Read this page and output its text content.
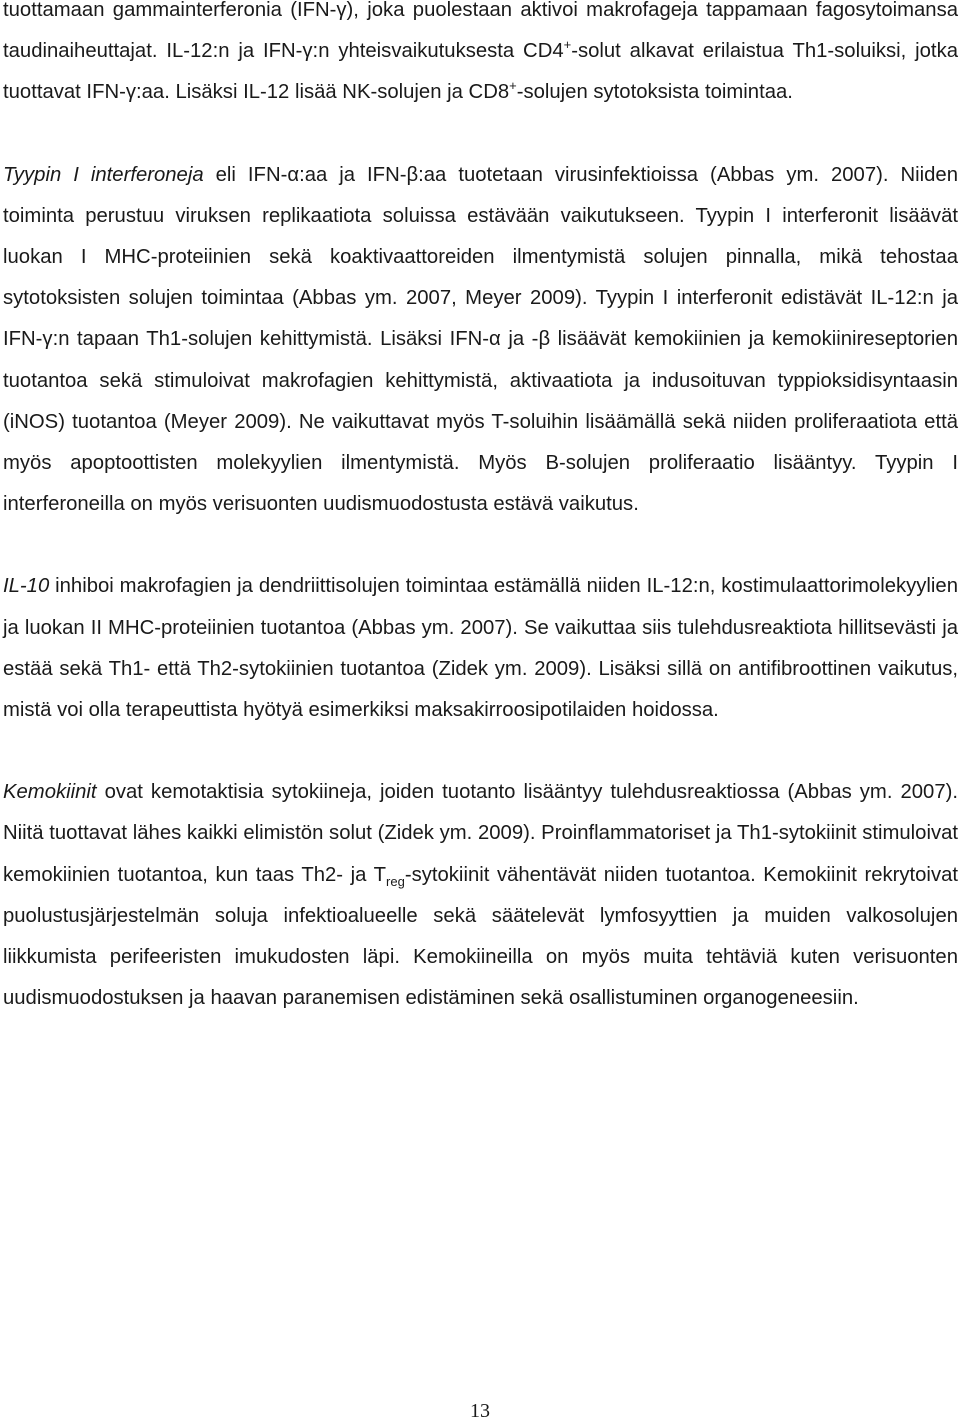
tuottamaan gammainterferonia (IFN-γ), joka puolestaan aktivoi makrofageja tappamaan fagosytoimansa taudinaiheuttajat. IL-12:n ja IFN-γ:n yhteisvaikutuksesta CD4+-solut alkavat erilaistua Th1-soluiksi, jotka tuottavat IFN-γ:aa. Lisäksi IL-12 lisää NK-solujen ja CD8+-solujen sytotoksista toimintaa.

Tyypin I interferoneja eli IFN-α:aa ja IFN-β:aa tuotetaan virusinfektioissa (Abbas ym. 2007). Niiden toiminta perustuu viruksen replikaatiota soluissa estävään vaikutukseen. Tyypin I interferonit lisäävät luokan I MHC-proteiinien sekä koaktivaattoreiden ilmentymistä solujen pinnalla, mikä tehostaa sytotoksisten solujen toimintaa (Abbas ym. 2007, Meyer 2009). Tyypin I interferonit edistävät IL-12:n ja IFN-γ:n tapaan Th1-solujen kehittymistä. Lisäksi IFN-α ja -β lisäävät kemokiinien ja kemokiinireseptorien tuotantoa sekä stimuloivat makrofagien kehittymistä, aktivaatiota ja indusoituvan typpioksidisyntaasin (iNOS) tuotantoa (Meyer 2009). Ne vaikuttavat myös T-soluihin lisäämällä sekä niiden proliferaatiota että myös apoptoottisten molekyylien ilmentymistä. Myös B-solujen proliferaatio lisääntyy. Tyypin I interferoneilla on myös verisuonten uudismuodostusta estävä vaikutus.

IL-10 inhiboi makrofagien ja dendriittisolujen toimintaa estämällä niiden IL-12:n, kostimulaattorimolekyylien ja luokan II MHC-proteiinien tuotantoa (Abbas ym. 2007). Se vaikuttaa siis tulehdusreaktiota hillitsevästi ja estää sekä Th1- että Th2-sytokiinien tuotantoa (Zidek ym. 2009). Lisäksi sillä on antifibroottinen vaikutus, mistä voi olla terapeuttista hyötyä esimerkiksi maksakirroosipotilaiden hoidossa.

Kemokiinit ovat kemotaktisia sytokiineja, joiden tuotanto lisääntyy tulehdusreaktiossa (Abbas ym. 2007). Niitä tuottavat lähes kaikki elimistön solut (Zidek ym. 2009). Proinflammatoriset ja Th1-sytokiinit stimuloivat kemokiinien tuotantoa, kun taas Th2- ja $T_{reg}$-sytokiinit vähentävät niiden tuotantoa. Kemokiinit rekrytoivat puolustusjärjestelmän soluja infektioalueelle sekä säätelevät lymfosyyttien ja muiden valkosolujen liikkumista perifeeristen imukudosten läpi. Kemokiineilla on myös muita tehtäviä kuten verisuonten uudismuodostuksen ja haavan paranemisen edistäminen sekä osallistuminen organogeneesiin.

13
